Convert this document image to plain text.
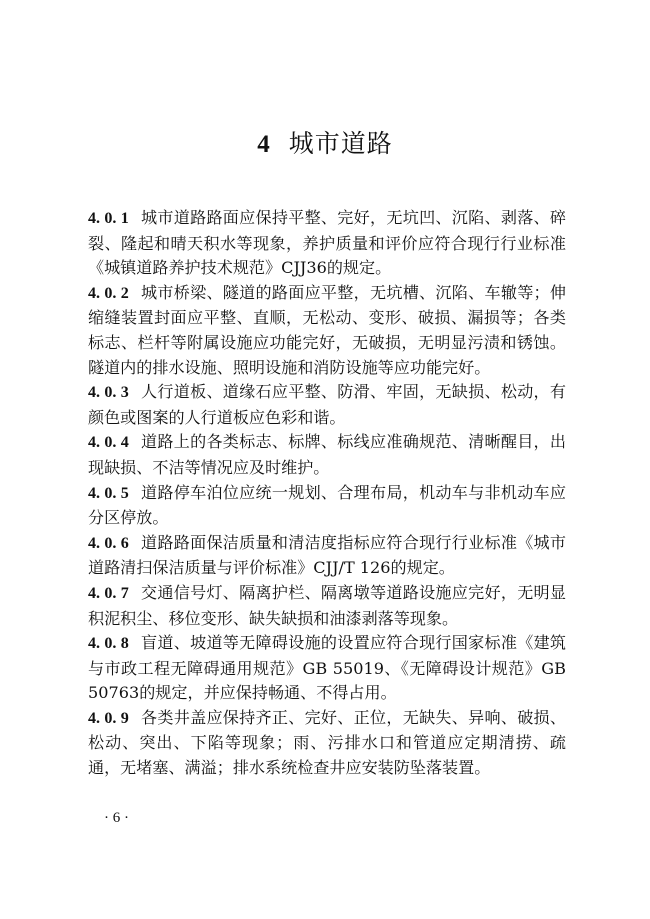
4 城市道路

4. 0. 1 城市道路路面应保持平整、完好，无坑凹、沉陷、剥落、碎裂、隆起和晴天积水等现象，养护质量和评价应符合现行行业标准《城镇道路养护技术规范》CJJ36的规定。

4. 0. 2 城市桥梁、隧道的路面应平整，无坑槽、沉陷、车辙等；伸缩缝装置封面应平整、直顺，无松动、变形、破损、漏损等；各类标志、栏杆等附属设施应功能完好，无破损，无明显污渍和锈蚀。隧道内的排水设施、照明设施和消防设施等应功能完好。

4. 0. 3 人行道板、道缘石应平整、防滑、牢固，无缺损、松动，有颜色或图案的人行道板应色彩和谐。

4. 0. 4 道路上的各类标志、标牌、标线应准确规范、清晰醒目，出现缺损、不洁等情况应及时维护。

4. 0. 5 道路停车泊位应统一规划、合理布局，机动车与非机动车应分区停放。

4. 0. 6 道路路面保洁质量和清洁度指标应符合现行行业标准《城市道路清扫保洁质量与评价标准》CJJ/T 126的规定。

4. 0. 7 交通信号灯、隔离护栏、隔离墩等道路设施应完好，无明显积泥积尘、移位变形、缺失缺损和油漆剥落等现象。

4. 0. 8 盲道、坡道等无障碍设施的设置应符合现行国家标准《建筑与市政工程无障碍通用规范》GB 55019、《无障碍设计规范》GB 50763的规定，并应保持畅通、不得占用。

4. 0. 9 各类井盖应保持齐正、完好、正位，无缺失、异响、破损、松动、突出、下陷等现象；雨、污排水口和管道应定期清捞、疏通，无堵塞、满溢；排水系统检查井应安装防坠落装置。

· 6 ·
